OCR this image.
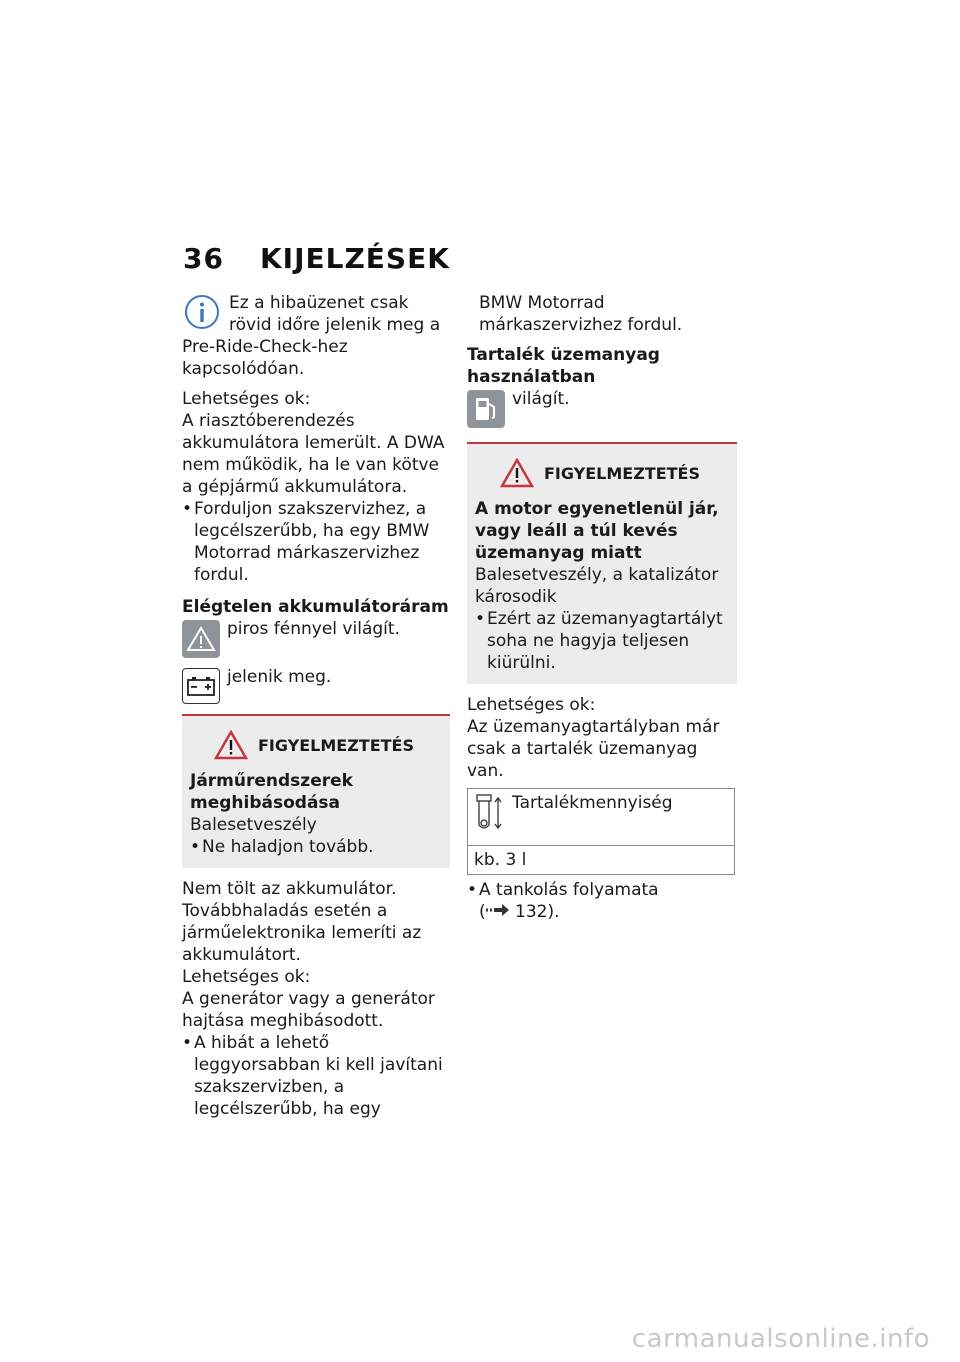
36 KIJELZÉSEK

Ez a hibaüzenet csak rövid időre jelenik meg a Pre-Ride-Check-hez kapcsolódóan.

Lehetséges ok:

A riasztóberendezés akkumulátora lemerült. A DWA nem működik, ha le van kötve a gépjármű akkumulátora.

• Forduljon szakszervizhez, a legcélszerűbb, ha egy BMW Motorrad márkaszervizhez fordul.

Elégtelen akkumulátoráram

piros fénnyel világít.

jelenik meg.

FIGYELMEZTETÉS

Járműrendszerek meghibásodása

Balesetveszély

• Ne haladjon tovább.

Nem tölt az akkumulátor. Továbbhaladás esetén a járműelektronika lemeríti az akkumulátort.

Lehetséges ok:

A generátor vagy a generátor hajtása meghibásodott.

• A hibát a lehető leggyorsabban ki kell javítani szakszervizben, a legcélszerűbb, ha egy

BMW Motorrad márkaszervizhez fordul.

Tartalék üzemanyag használatban

világít.

FIGYELMEZTETÉS

A motor egyenetlenül jár, vagy leáll a túl kevés üzemanyag miatt

Balesetveszély, a katalizátor károsodik

• Ezért az üzemanyagtartályt soha ne hagyja teljesen kiürülni.

Lehetséges ok:

Az üzemanyagtartályban már csak a tartalék üzemanyag van.

Tartalékmennyiség
kb. 3 l
• A tankolás folyamata
( 132).
carmanualsonline.info
